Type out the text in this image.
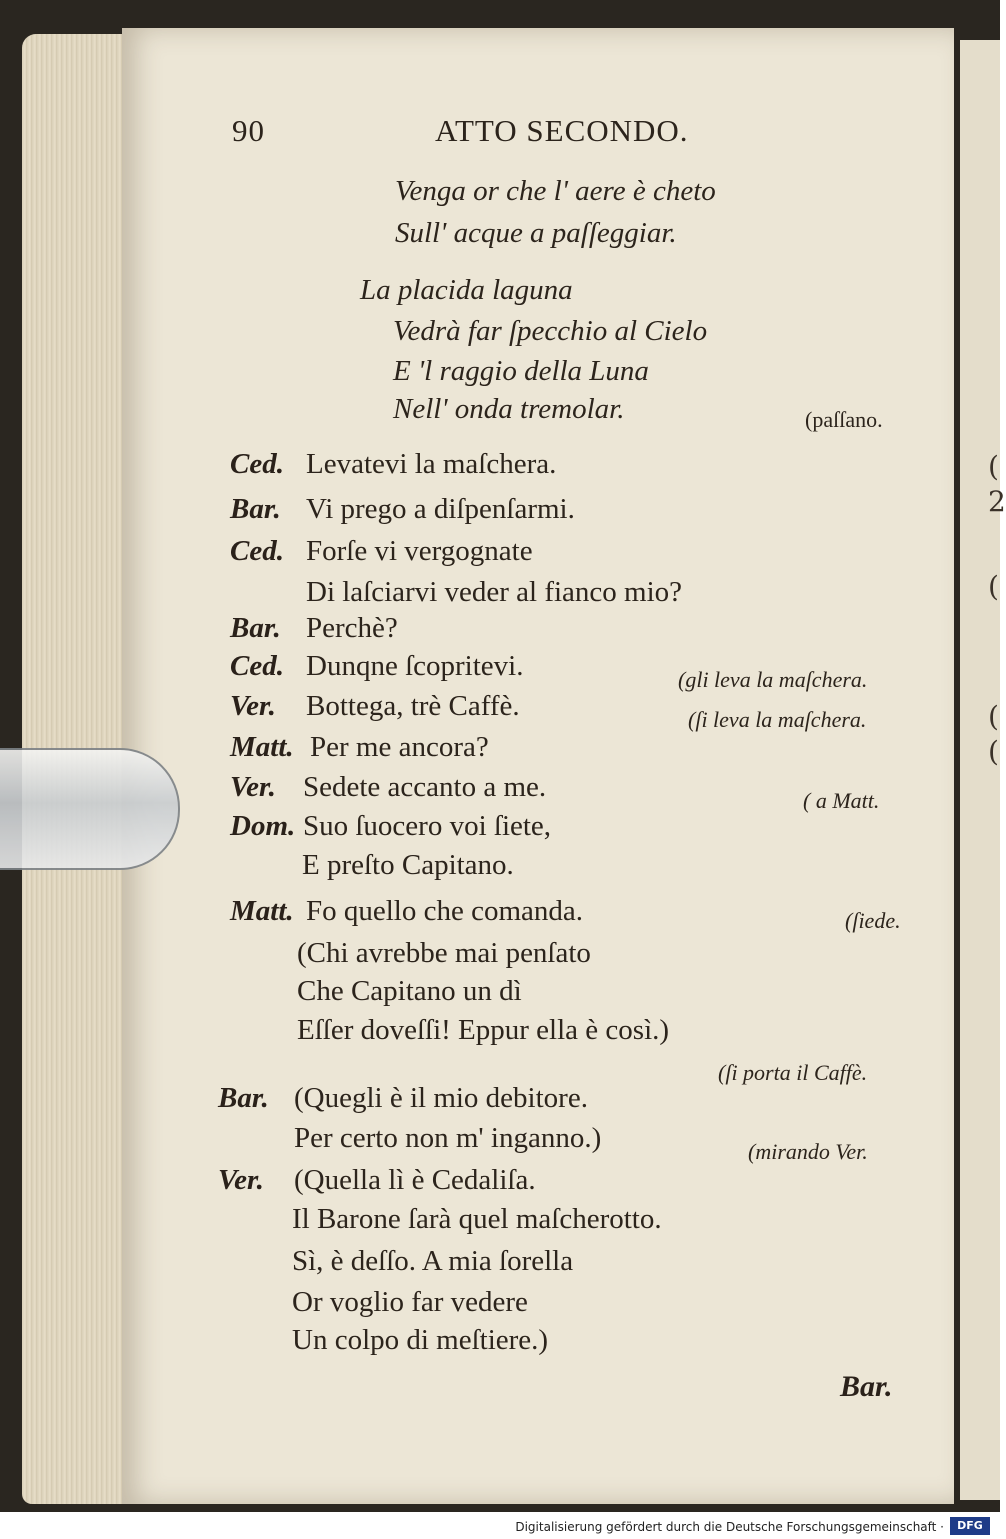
(
2
(
(
(
90	ATTO SECONDO.
Venga or che l' aere è cheto
Sull' acque a paſſeggiar.
La placida laguna
Vedrà far ſpecchio al Cielo
E 'l raggio della Luna
Nell' onda tremolar.	(paſſano.
Ced. Levatevi la maſchera.
Bar. Vi prego a diſpenſarmi.
Ced. Forſe vi vergognate
Di laſciarvi veder al fianco mio?
Bar. Perchè?
Ced. Dunqne ſcopritevi.	(gli leva la maſchera.
Ver. Bottega, trè Caffè.	(ſi leva la maſchera.
Matt. Per me ancora?
Ver. Sedete accanto a me.	( a Matt.
Dom. Suo ſuocero voi ſiete,
E preſto Capitano.
Matt. Fo quello che comanda.	(ſiede.
(Chi avrebbe mai penſato
Che Capitano un dì
Eſſer doveſſi! Eppur ella è così.)
(ſi porta il Caffè.
Bar. (Quegli è il mio debitore.
Per certo non m' inganno.)	(mirando Ver.
Ver. (Quella lì è Cedaliſa.
Il Barone ſarà quel maſcherotto.
Sì, è deſſo. A mia ſorella
Or voglio far vedere
Un colpo di meſtiere.)
Bar.
Digitalisierung gefördert durch die Deutsche Forschungsgemeinschaft ·	DFG
